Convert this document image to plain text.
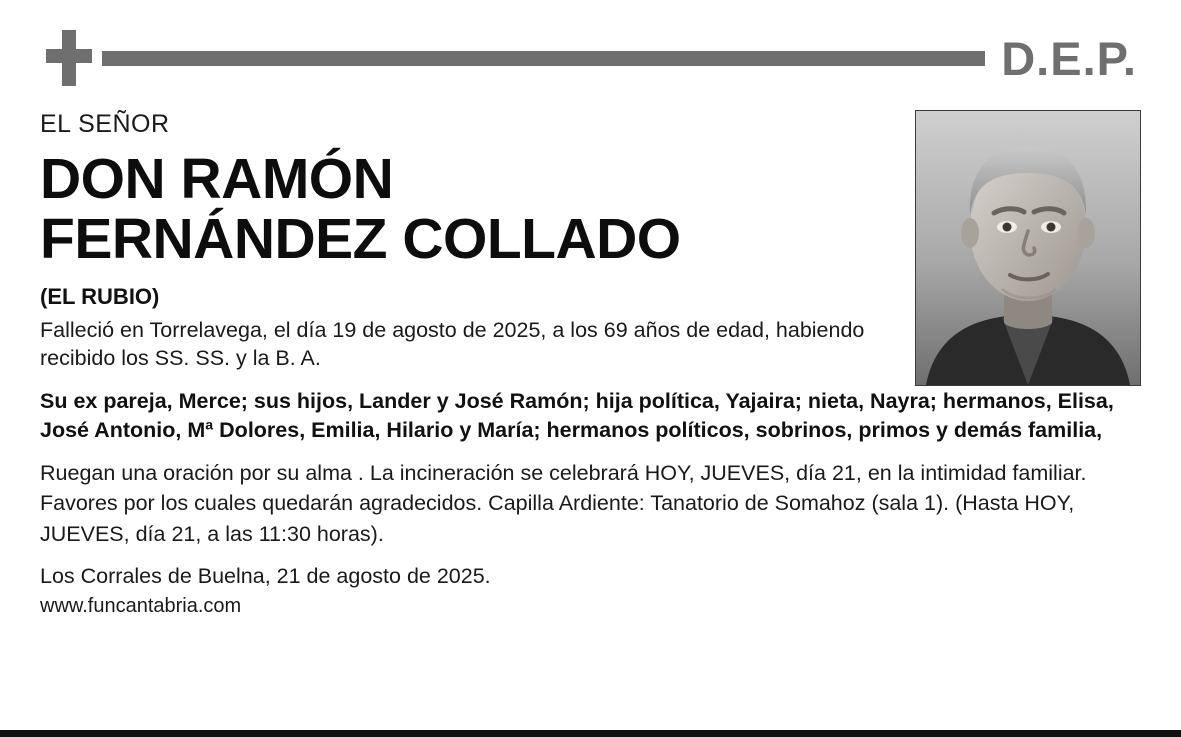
D.E.P.

EL SEÑOR

DON RAMÓN
FERNÁNDEZ COLLADO

(EL RUBIO)

Falleció en Torrelavega, el día 19 de agosto de 2025, a los 69 años de edad, habiendo recibido los SS. SS. y la B. A.

Su ex pareja, Merce; sus hijos, Lander y José Ramón; hija política, Yajaira; nieta, Nayra; hermanos, Elisa, José Antonio, Mª Dolores, Emilia, Hilario y María; hermanos políticos, sobrinos, primos y demás familia,

Ruegan una oración por su alma . La incineración se celebrará HOY, JUEVES, día 21, en la intimidad familiar. Favores por los cuales quedarán agradecidos. Capilla Ardiente: Tanatorio de Somahoz (sala 1). (Hasta HOY, JUEVES, día 21, a las 11:30 horas).

Los Corrales de Buelna, 21 de agosto de 2025.

www.funcantabria.com
